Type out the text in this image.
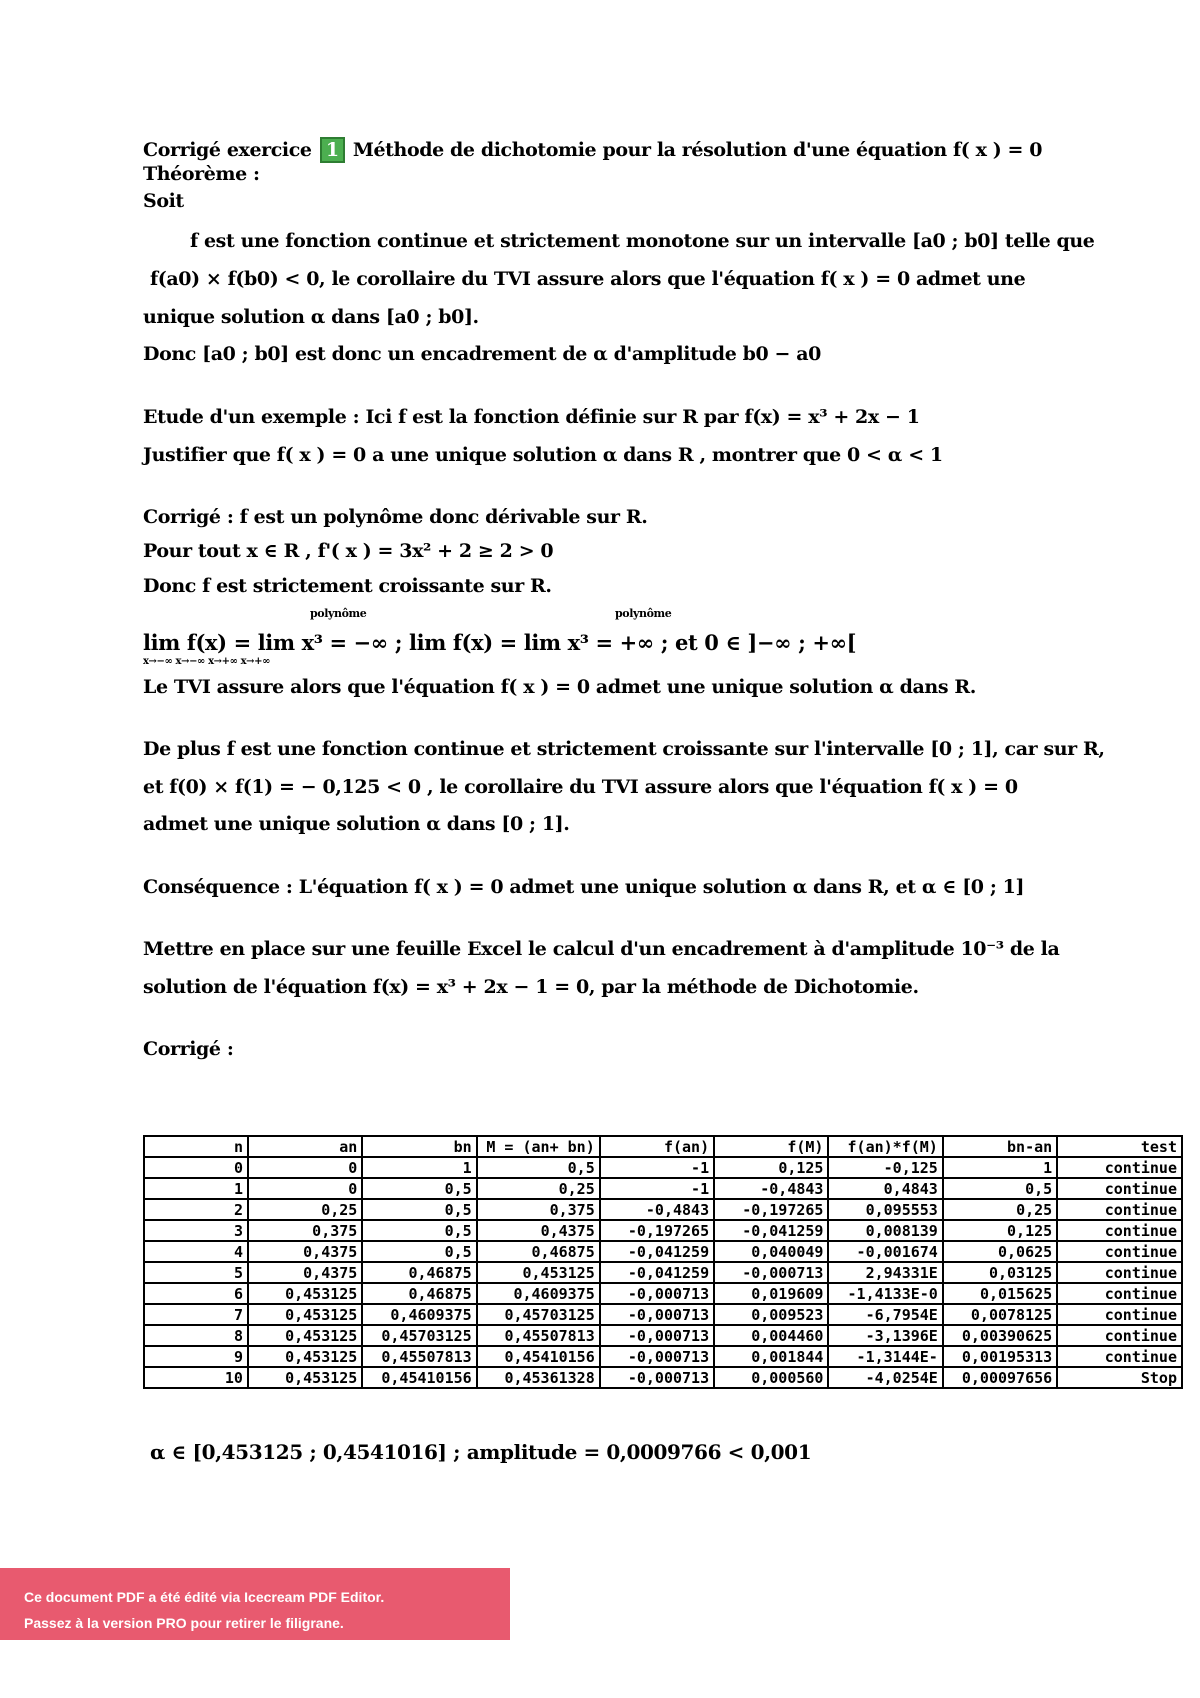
Corrigé exercice 1 Méthode de dichotomie pour la résolution d'une équation f( x ) = 0
Théorème :
Soit
f est une fonction continue et strictement monotone sur un intervalle [a0 ; b0] telle que
f(a0) × f(b0) < 0, le corollaire du TVI assure alors que l'équation f( x ) = 0 admet une
unique solution α dans [a0 ; b0].
Donc [a0 ; b0] est donc un encadrement de α d'amplitude b0 − a0
Etude d'un exemple : Ici f est la fonction définie sur R par f(x) = x³ + 2x − 1
Justifier que f( x ) = 0 a une unique solution α dans R , montrer que 0 < α < 1
Corrigé : f est un polynôme donc dérivable sur R.
Pour tout x ∈ R , f'( x ) = 3x² + 2 ≥ 2 > 0
Donc f est strictement croissante sur R.
polynôme	polynôme
lim f(x) = lim x³ = −∞ ; lim f(x) = lim x³ = +∞ ; et 0 ∈ ]−∞ ; +∞[
x→−∞ x→−∞ x→+∞ x→+∞
Le TVI assure alors que l'équation f( x ) = 0 admet une unique solution α dans R.
De plus f est une fonction continue et strictement croissante sur l'intervalle [0 ; 1], car sur R,
et f(0) × f(1) = − 0,125 < 0 , le corollaire du TVI assure alors que l'équation f( x ) = 0
admet une unique solution α dans [0 ; 1].
Conséquence : L'équation f( x ) = 0 admet une unique solution α dans R, et α ∈ [0 ; 1]
Mettre en place sur une feuille Excel le calcul d'un encadrement à d'amplitude 10⁻³ de la
solution de l'équation f(x) = x³ + 2x − 1 = 0, par la méthode de Dichotomie.
Corrigé :
n	an	bn	M = (an+ bn)	f(an)	f(M)	f(an)*f(M)	bn-an	test
0	0	1	0,5	-1	0,125	-0,125	1	continue
1	0	0,5	0,25	-1	-0,4843	0,4843	0,5	continue
2	0,25	0,5	0,375	-0,4843	-0,197265	0,095553	0,25	continue
3	0,375	0,5	0,4375	-0,197265	-0,041259	0,008139	0,125	continue
4	0,4375	0,5	0,46875	-0,041259	0,040049	-0,001674	0,0625	continue
5	0,4375	0,46875	0,453125	-0,041259	-0,000713	2,94331E	0,03125	continue
6	0,453125	0,46875	0,4609375	-0,000713	0,019609	-1,4133E-0	0,015625	continue
7	0,453125	0,4609375	0,45703125	-0,000713	0,009523	-6,7954E	0,0078125	continue
8	0,453125	0,45703125	0,45507813	-0,000713	0,004460	-3,1396E	0,00390625	continue
9	0,453125	0,45507813	0,45410156	-0,000713	0,001844	-1,3144E-	0,00195313	continue
10	0,453125	0,45410156	0,45361328	-0,000713	0,000560	-4,0254E	0,00097656	Stop
α ∈ [0,453125 ; 0,4541016] ; amplitude = 0,0009766 < 0,001
Ce document PDF a été édité via Icecream PDF Editor.
Passez à la version PRO pour retirer le filigrane.
